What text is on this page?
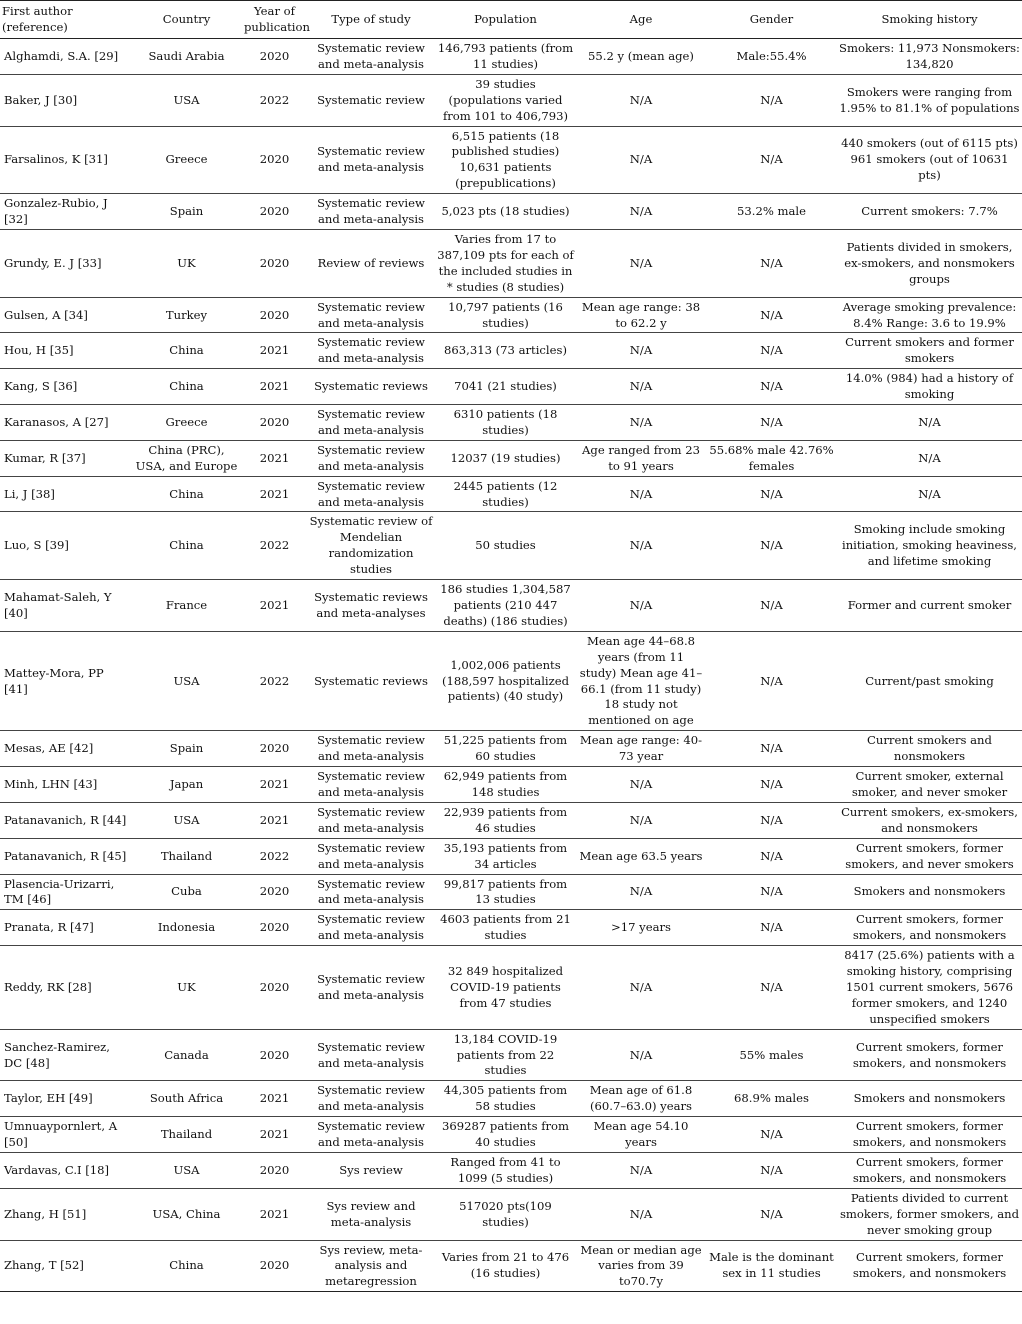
First author (reference)	Country	Year of publication	Type of study	Population	Age	Gender	Smoking history
Alghamdi, S.A. [29]	Saudi Arabia	2020	Systematic review and meta-analysis	146,793 patients (from 11 studies)	55.2 y (mean age)	Male:55.4%	Smokers: 11,973 Nonsmokers: 134,820
Baker, J [30]	USA	2022	Systematic review	39 studies (populations varied from 101 to 406,793)	N/A	N/A	Smokers were ranging from 1.95% to 81.1% of populations
Farsalinos, K [31]	Greece	2020	Systematic review and meta-analysis	6,515 patients (18 published studies) 10,631 patients (prepublications)	N/A	N/A	440 smokers (out of 6115 pts) 961 smokers (out of 10631 pts)
Gonzalez-Rubio, J [32]	Spain	2020	Systematic review and meta-analysis	5,023 pts (18 studies)	N/A	53.2% male	Current smokers: 7.7%
Grundy, E. J [33]	UK	2020	Review of reviews	Varies from 17 to 387,109 pts for each of the included studies in * studies (8 studies)	N/A	N/A	Patients divided in smokers, ex-smokers, and nonsmokers groups
Gulsen, A [34]	Turkey	2020	Systematic review and meta-analysis	10,797 patients (16 studies)	Mean age range: 38 to 62.2 y	N/A	Average smoking prevalence: 8.4% Range: 3.6 to 19.9%
Hou, H [35]	China	2021	Systematic review and meta-analysis	863,313 (73 articles)	N/A	N/A	Current smokers and former smokers
Kang, S [36]	China	2021	Systematic reviews	7041 (21 studies)	N/A	N/A	14.0% (984) had a history of smoking
Karanasos, A [27]	Greece	2020	Systematic review and meta-analysis	6310 patients (18 studies)	N/A	N/A	N/A
Kumar, R [37]	China (PRC), USA, and Europe	2021	Systematic review and meta-analysis	12037 (19 studies)	Age ranged from 23 to 91 years	55.68% male 42.76% females	N/A
Li, J [38]	China	2021	Systematic review and meta-analysis	2445 patients (12 studies)	N/A	N/A	N/A
Luo, S [39]	China	2022	Systematic review of Mendelian randomization studies	50 studies	N/A	N/A	Smoking include smoking initiation, smoking heaviness, and lifetime smoking
Mahamat-Saleh, Y [40]	France	2021	Systematic reviews and meta-analyses	186 studies 1,304,587 patients (210 447 deaths) (186 studies)	N/A	N/A	Former and current smoker
Mattey-Mora, PP [41]	USA	2022	Systematic reviews	1,002,006 patients (188,597 hospitalized patients) (40 study)	Mean age 44–68.8 years (from 11 study) Mean age 41–66.1 (from 11 study) 18 study not mentioned on age	N/A	Current/past smoking
Mesas, AE [42]	Spain	2020	Systematic review and meta-analysis	51,225 patients from 60 studies	Mean age range: 40-73 year	N/A	Current smokers and nonsmokers
Minh, LHN [43]	Japan	2021	Systematic review and meta-analysis	62,949 patients from 148 studies	N/A	N/A	Current smoker, external smoker, and never smoker
Patanavanich, R [44]	USA	2021	Systematic review and meta-analysis	22,939 patients from 46 studies	N/A	N/A	Current smokers, ex-smokers, and nonsmokers
Patanavanich, R [45]	Thailand	2022	Systematic review and meta-analysis	35,193 patients from 34 articles	Mean age 63.5 years	N/A	Current smokers, former smokers, and never smokers
Plasencia-Urizarri, TM [46]	Cuba	2020	Systematic review and meta-analysis	99,817 patients from 13 studies	N/A	N/A	Smokers and nonsmokers
Pranata, R [47]	Indonesia	2020	Systematic review and meta-analysis	4603 patients from 21 studies	>17 years	N/A	Current smokers, former smokers, and nonsmokers
Reddy, RK [28]	UK	2020	Systematic review and meta-analysis	32 849 hospitalized COVID-19 patients from 47 studies	N/A	N/A	8417 (25.6%) patients with a smoking history, comprising 1501 current smokers, 5676 former smokers, and 1240 unspecified smokers
Sanchez-Ramirez, DC [48]	Canada	2020	Systematic review and meta-analysis	13,184 COVID-19 patients from 22 studies	N/A	55% males	Current smokers, former smokers, and nonsmokers
Taylor, EH [49]	South Africa	2021	Systematic review and meta-analysis	44,305 patients from 58 studies	Mean age of 61.8 (60.7–63.0) years	68.9% males	Smokers and nonsmokers
Umnuaypornlert, A [50]	Thailand	2021	Systematic review and meta-analysis	369287 patients from 40 studies	Mean age 54.10 years	N/A	Current smokers, former smokers, and nonsmokers
Vardavas, C.I [18]	USA	2020	Sys review	Ranged from 41 to 1099 (5 studies)	N/A	N/A	Current smokers, former smokers, and nonsmokers
Zhang, H [51]	USA, China	2021	Sys review and meta-analysis	517020 pts(109 studies)	N/A	N/A	Patients divided to current smokers, former smokers, and never smoking group
Zhang, T [52]	China	2020	Sys review, meta-analysis and metaregression	Varies from 21 to 476 (16 studies)	Mean or median age varies from 39 to70.7y	Male is the dominant sex in 11 studies	Current smokers, former smokers, and nonsmokers
